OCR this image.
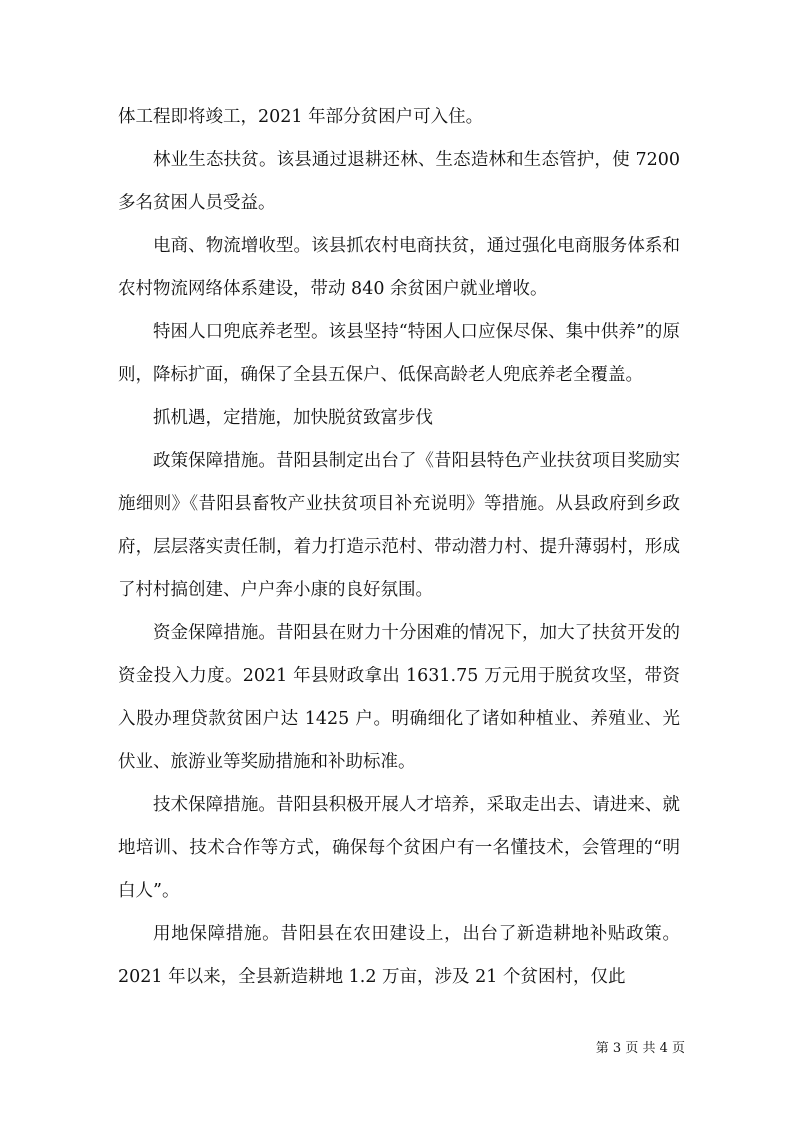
体工程即将竣工，2021 年部分贫困户可入住。

林业生态扶贫。该县通过退耕还林、生态造林和生态管护，使 7200 多名贫困人员受益。

电商、物流增收型。该县抓农村电商扶贫，通过强化电商服务体系和农村物流网络体系建设，带动 840 余贫困户就业增收。

特困人口兜底养老型。该县坚持“特困人口应保尽保、集中供养”的原则，降标扩面，确保了全县五保户、低保高龄老人兜底养老全覆盖。

抓机遇，定措施，加快脱贫致富步伐

政策保障措施。昔阳县制定出台了《昔阳县特色产业扶贫项目奖励实施细则》《昔阳县畜牧产业扶贫项目补充说明》等措施。从县政府到乡政府，层层落实责任制，着力打造示范村、带动潜力村、提升薄弱村，形成了村村搞创建、户户奔小康的良好氛围。

资金保障措施。昔阳县在财力十分困难的情况下，加大了扶贫开发的资金投入力度。2021 年县财政拿出 1631.75 万元用于脱贫攻坚，带资入股办理贷款贫困户达 1425 户。明确细化了诸如种植业、养殖业、光伏业、旅游业等奖励措施和补助标准。

技术保障措施。昔阳县积极开展人才培养，采取走出去、请进来、就地培训、技术合作等方式，确保每个贫困户有一名懂技术，会管理的“明白人”。

用地保障措施。昔阳县在农田建设上，出台了新造耕地补贴政策。2021 年以来，全县新造耕地 1.2 万亩，涉及 21 个贫困村，仅此

第 3 页 共 4 页
